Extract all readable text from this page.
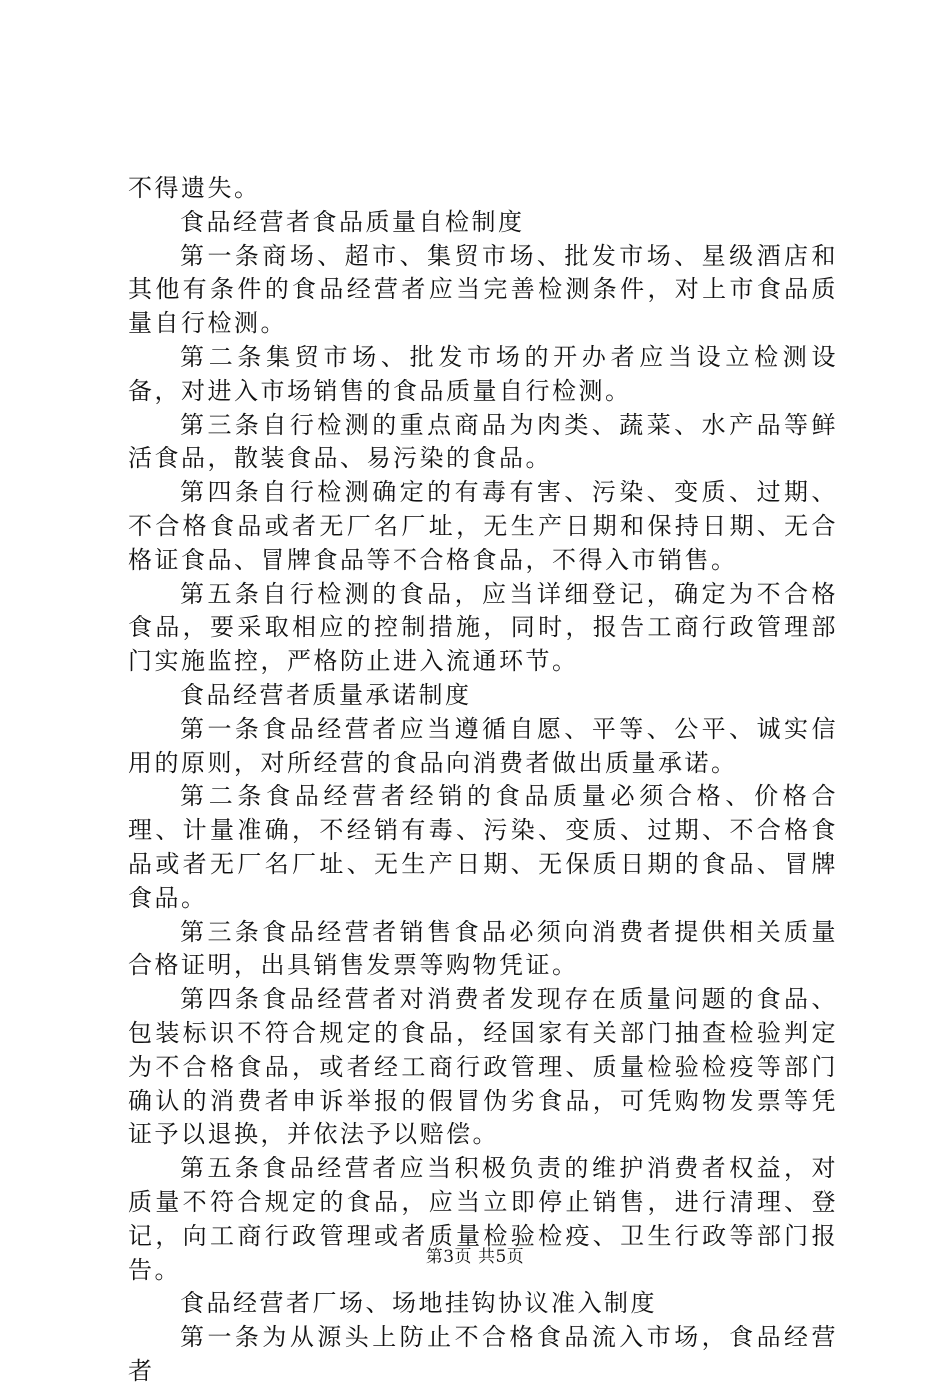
不得遗失。

食品经营者食品质量自检制度

第一条商场、超市、集贸市场、批发市场、星级酒店和其他有条件的食品经营者应当完善检测条件，对上市食品质量自行检测。

第二条集贸市场、批发市场的开办者应当设立检测设备，对进入市场销售的食品质量自行检测。

第三条自行检测的重点商品为肉类、蔬菜、水产品等鲜活食品，散装食品、易污染的食品。

第四条自行检测确定的有毒有害、污染、变质、过期、不合格食品或者无厂名厂址，无生产日期和保持日期、无合格证食品、冒牌食品等不合格食品，不得入市销售。

第五条自行检测的食品，应当详细登记，确定为不合格食品，要采取相应的控制措施，同时，报告工商行政管理部门实施监控，严格防止进入流通环节。

食品经营者质量承诺制度

第一条食品经营者应当遵循自愿、平等、公平、诚实信用的原则，对所经营的食品向消费者做出质量承诺。

第二条食品经营者经销的食品质量必须合格、价格合理、计量准确，不经销有毒、污染、变质、过期、不合格食品或者无厂名厂址、无生产日期、无保质日期的食品、冒牌食品。

第三条食品经营者销售食品必须向消费者提供相关质量合格证明，出具销售发票等购物凭证。

第四条食品经营者对消费者发现存在质量问题的食品、包装标识不符合规定的食品，经国家有关部门抽查检验判定为不合格食品，或者经工商行政管理、质量检验检疫等部门确认的消费者申诉举报的假冒伪劣食品，可凭购物发票等凭证予以退换，并依法予以赔偿。

第五条食品经营者应当积极负责的维护消费者权益，对质量不符合规定的食品，应当立即停止销售，进行清理、登记，向工商行政管理或者质量检验检疫、卫生行政等部门报告。

食品经营者厂场、场地挂钩协议准入制度

第一条为从源头上防止不合格食品流入市场，食品经营者

第3页 共5页
